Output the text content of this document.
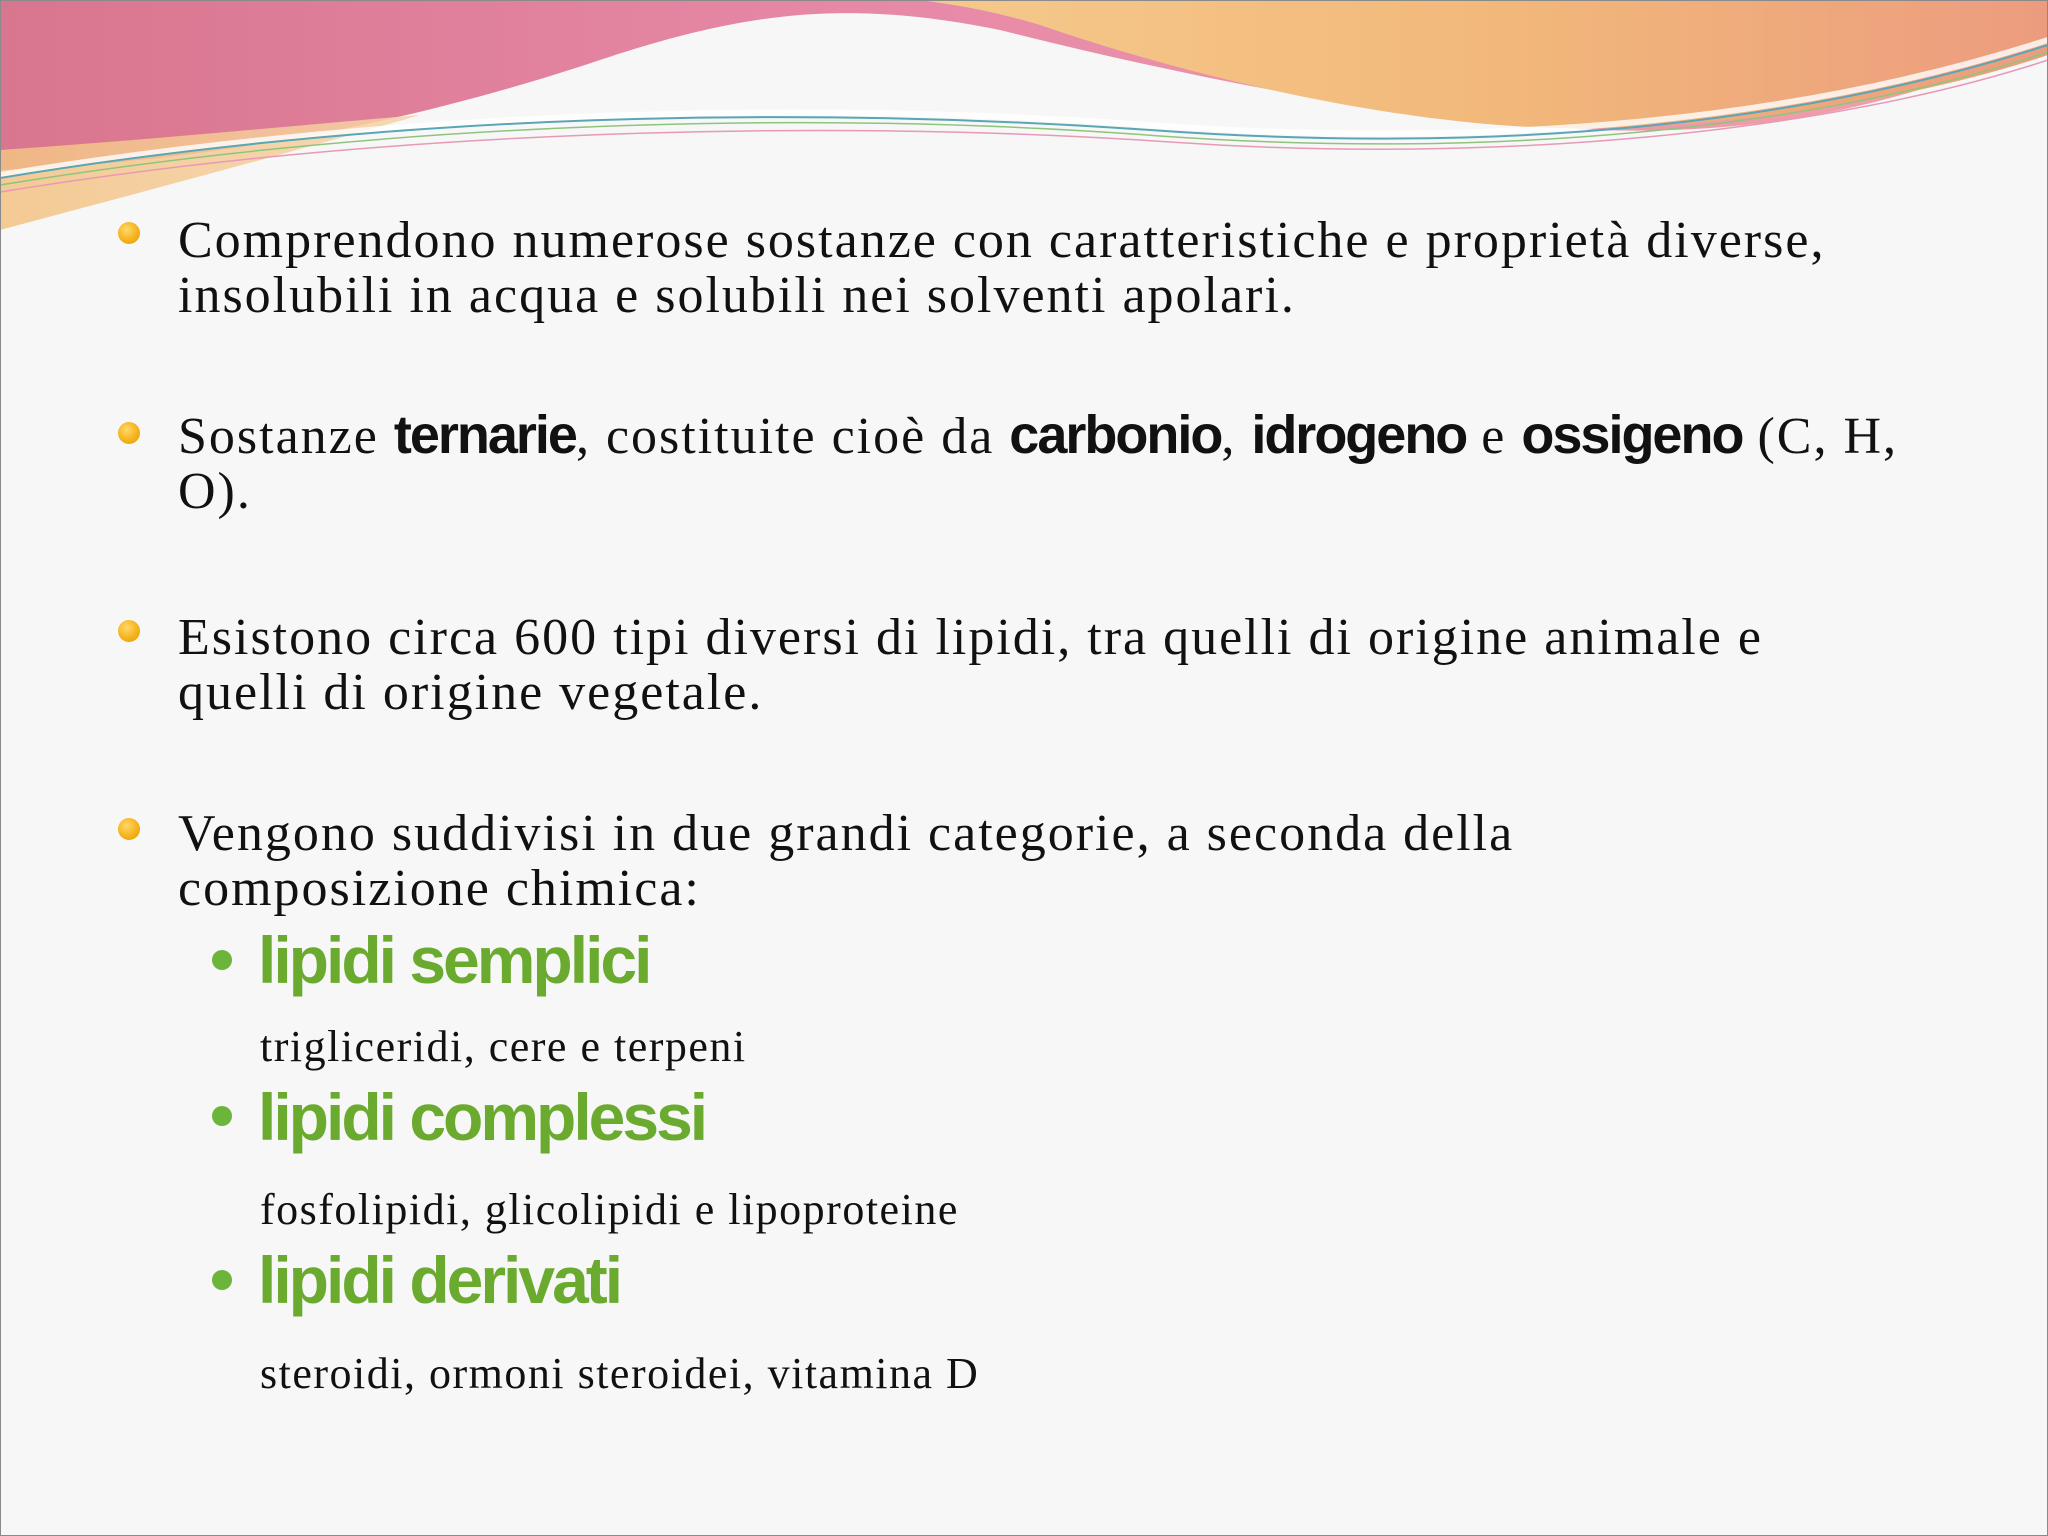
Comprendono numerose sostanze con caratteristiche e proprietà diverse, insolubili in acqua e solubili nei solventi apolari.

Sostanze ternarie, costituite cioè da carbonio, idrogeno e ossigeno (C, H, O).

Esistono circa 600 tipi diversi di lipidi, tra quelli di origine animale e quelli di origine vegetale.

Vengono suddivisi in due grandi categorie, a seconda della composizione chimica:

lipidi semplici

trigliceridi, cere e terpeni

lipidi complessi

fosfolipidi, glicolipidi e lipoproteine

lipidi derivati

steroidi, ormoni steroidei, vitamina D
